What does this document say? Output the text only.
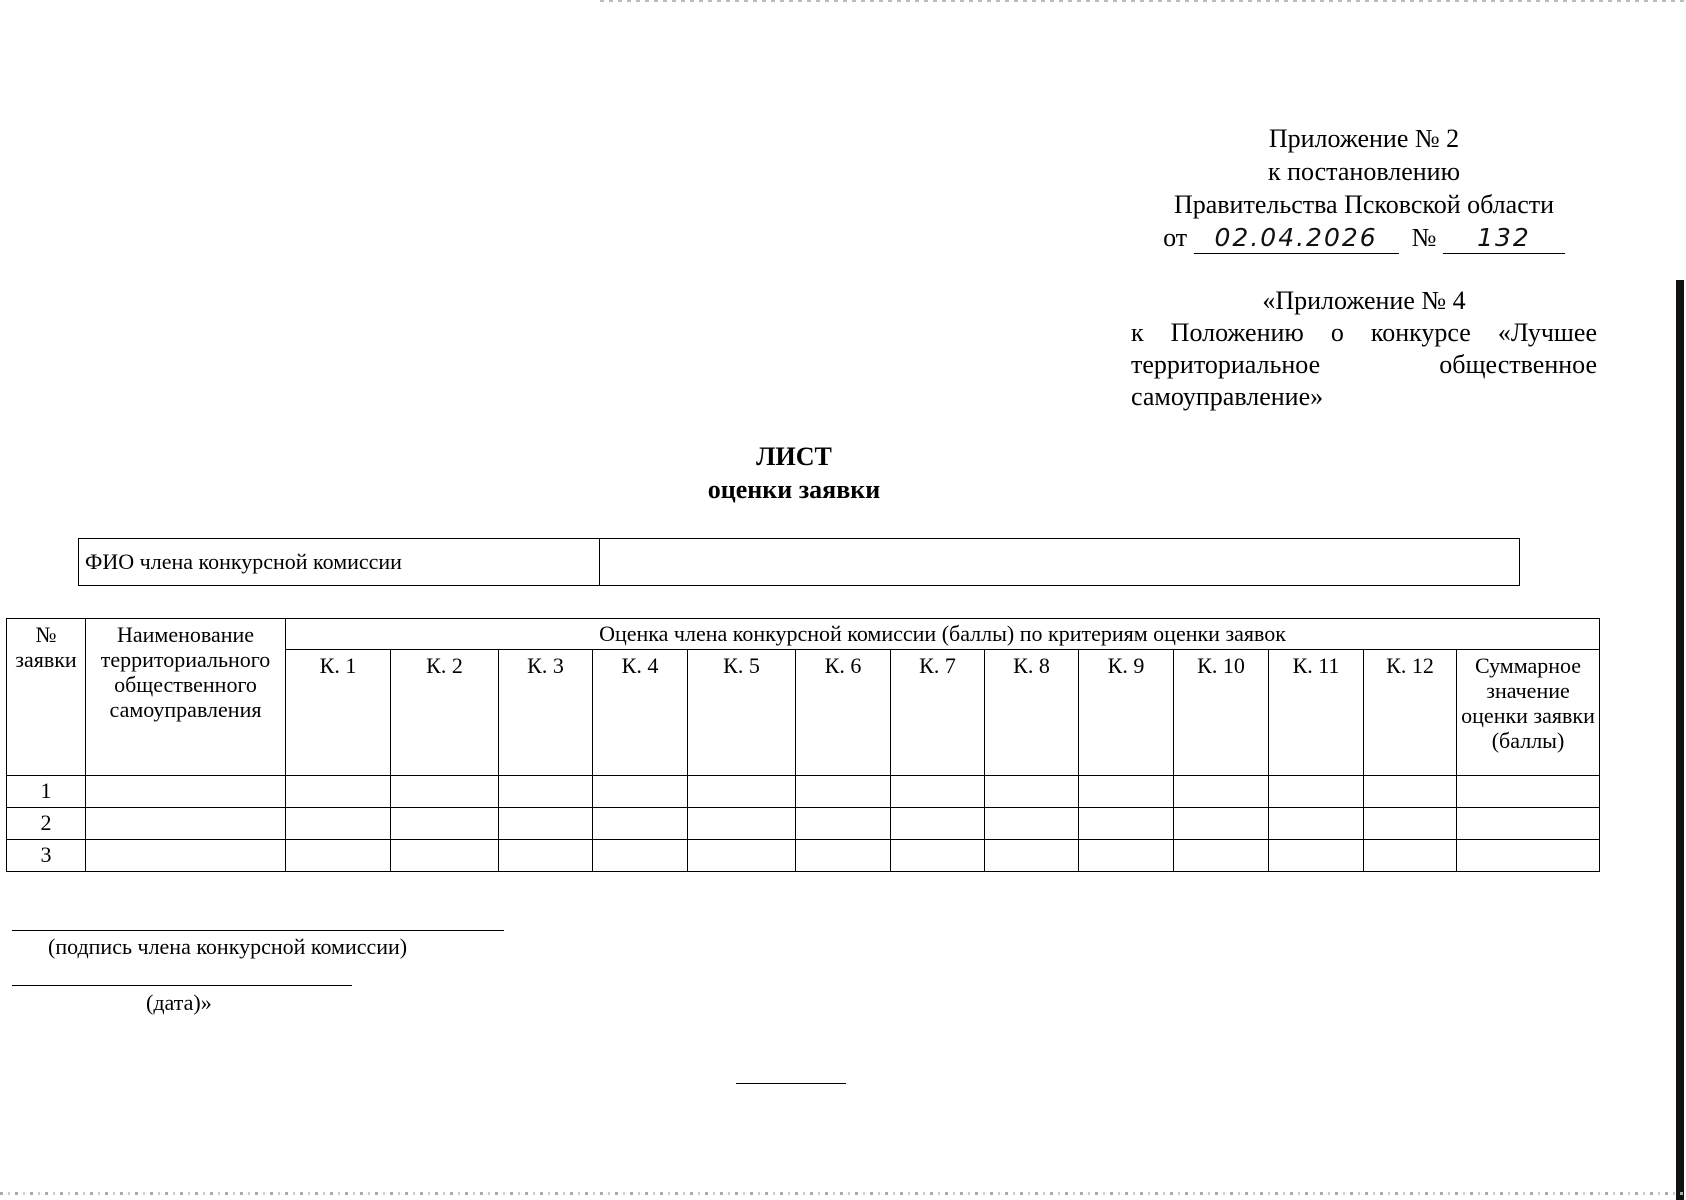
Приложение № 2
к постановлению
Правительства Псковской области
от 02.04.2026 № 132
«Приложение № 4
к Положению о конкурсе «Лучшее
территориальное общественное
самоуправление»
ЛИСТ
оценки заявки
ФИО члена конкурсной комиссии	
№ заявки	Наименование территориального общественного самоуправления	Оценка члена конкурсной комиссии (баллы) по критериям оценки заявок												
		К. 1	К. 2	К. 3	К. 4	К. 5	К. 6	К. 7	К. 8	К. 9	К. 10	К. 11	К. 12	Суммарное значение оценки заявки (баллы)
1														
2														
3														
(подпись члена конкурсной комиссии)
(дата)»
